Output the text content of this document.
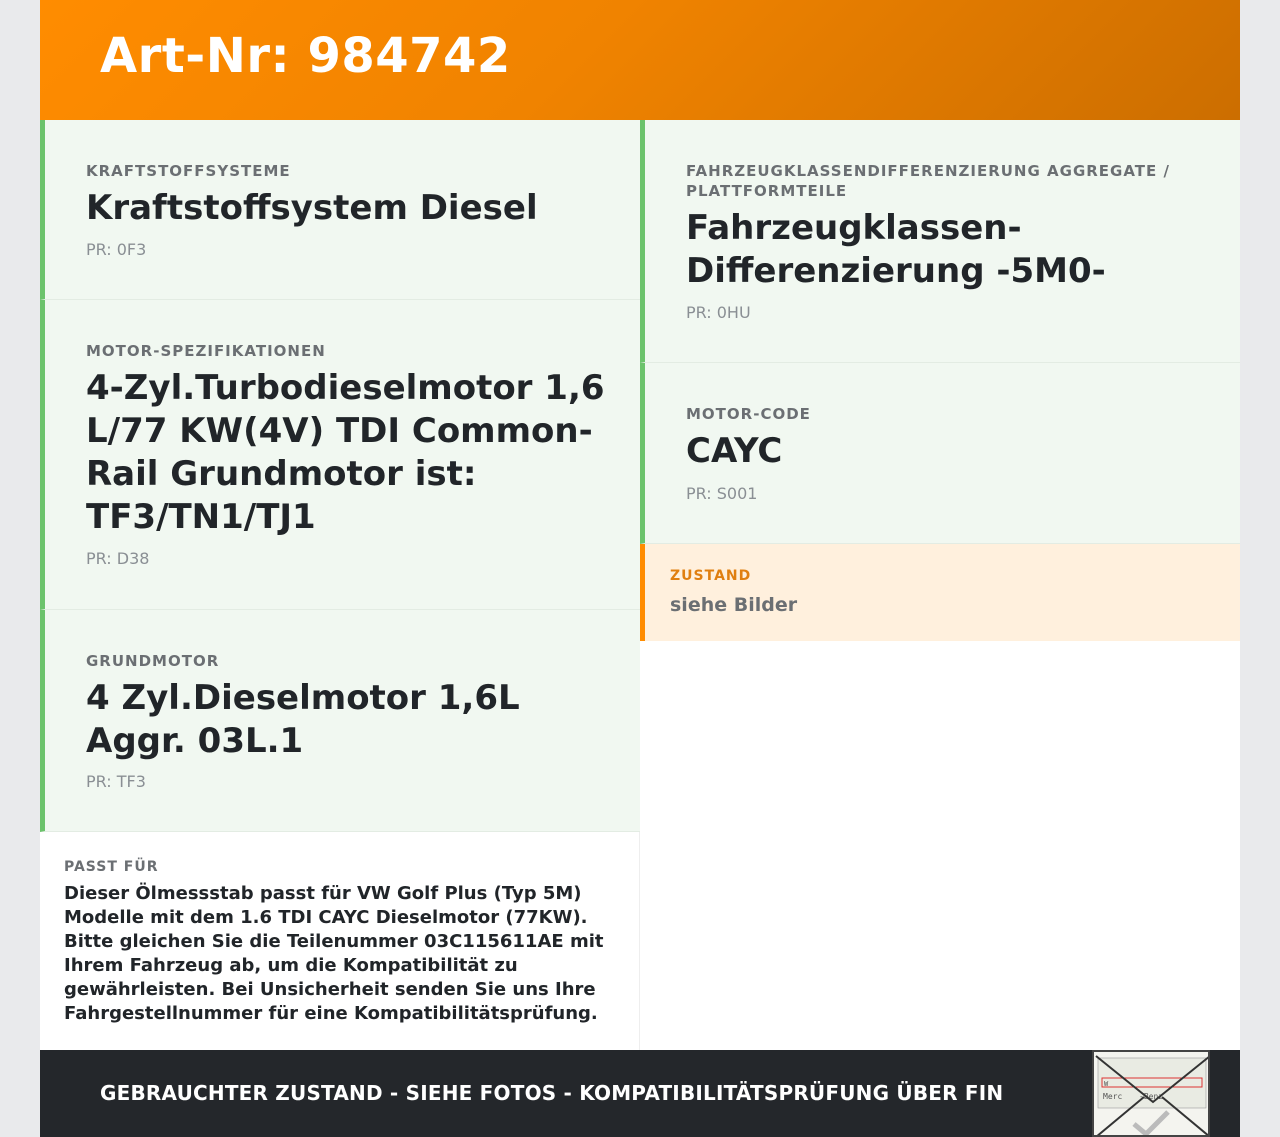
Art-Nr: 984742
KRAFTSTOFFSYSTEME
Kraftstoffsystem Diesel
PR: 0F3
MOTOR-SPEZIFIKATIONEN
4-Zyl.Turbodieselmotor 1,6 L/77 KW(4V) TDI Common-Rail Grundmotor ist: TF3/TN1/TJ1
PR: D38
GRUNDMOTOR
4 Zyl.Dieselmotor 1,6L Aggr. 03L.1
PR: TF3
PASST FÜR
Dieser Ölmessstab passt für VW Golf Plus (Typ 5M) Modelle mit dem 1.6 TDI CAYC Dieselmotor (77KW). Bitte gleichen Sie die Teilenummer 03C115611AE mit Ihrem Fahrzeug ab, um die Kompatibilität zu gewährleisten. Bei Unsicherheit senden Sie uns Ihre Fahrgestellnummer für eine Kompatibilitätsprüfung.
FAHRZEUGKLASSENDIFFERENZIERUNG AGGREGATE / PLATTFORMTEILE
Fahrzeugklassen-Differenzierung -5M0-
PR: 0HU
MOTOR-CODE
CAYC
PR: S001
ZUSTAND
siehe Bilder
GEBRAUCHTER ZUSTAND - SIEHE FOTOS - KOMPATIBILITÄTSPRÜFUNG ÜBER FIN	W
Merc -Benz
